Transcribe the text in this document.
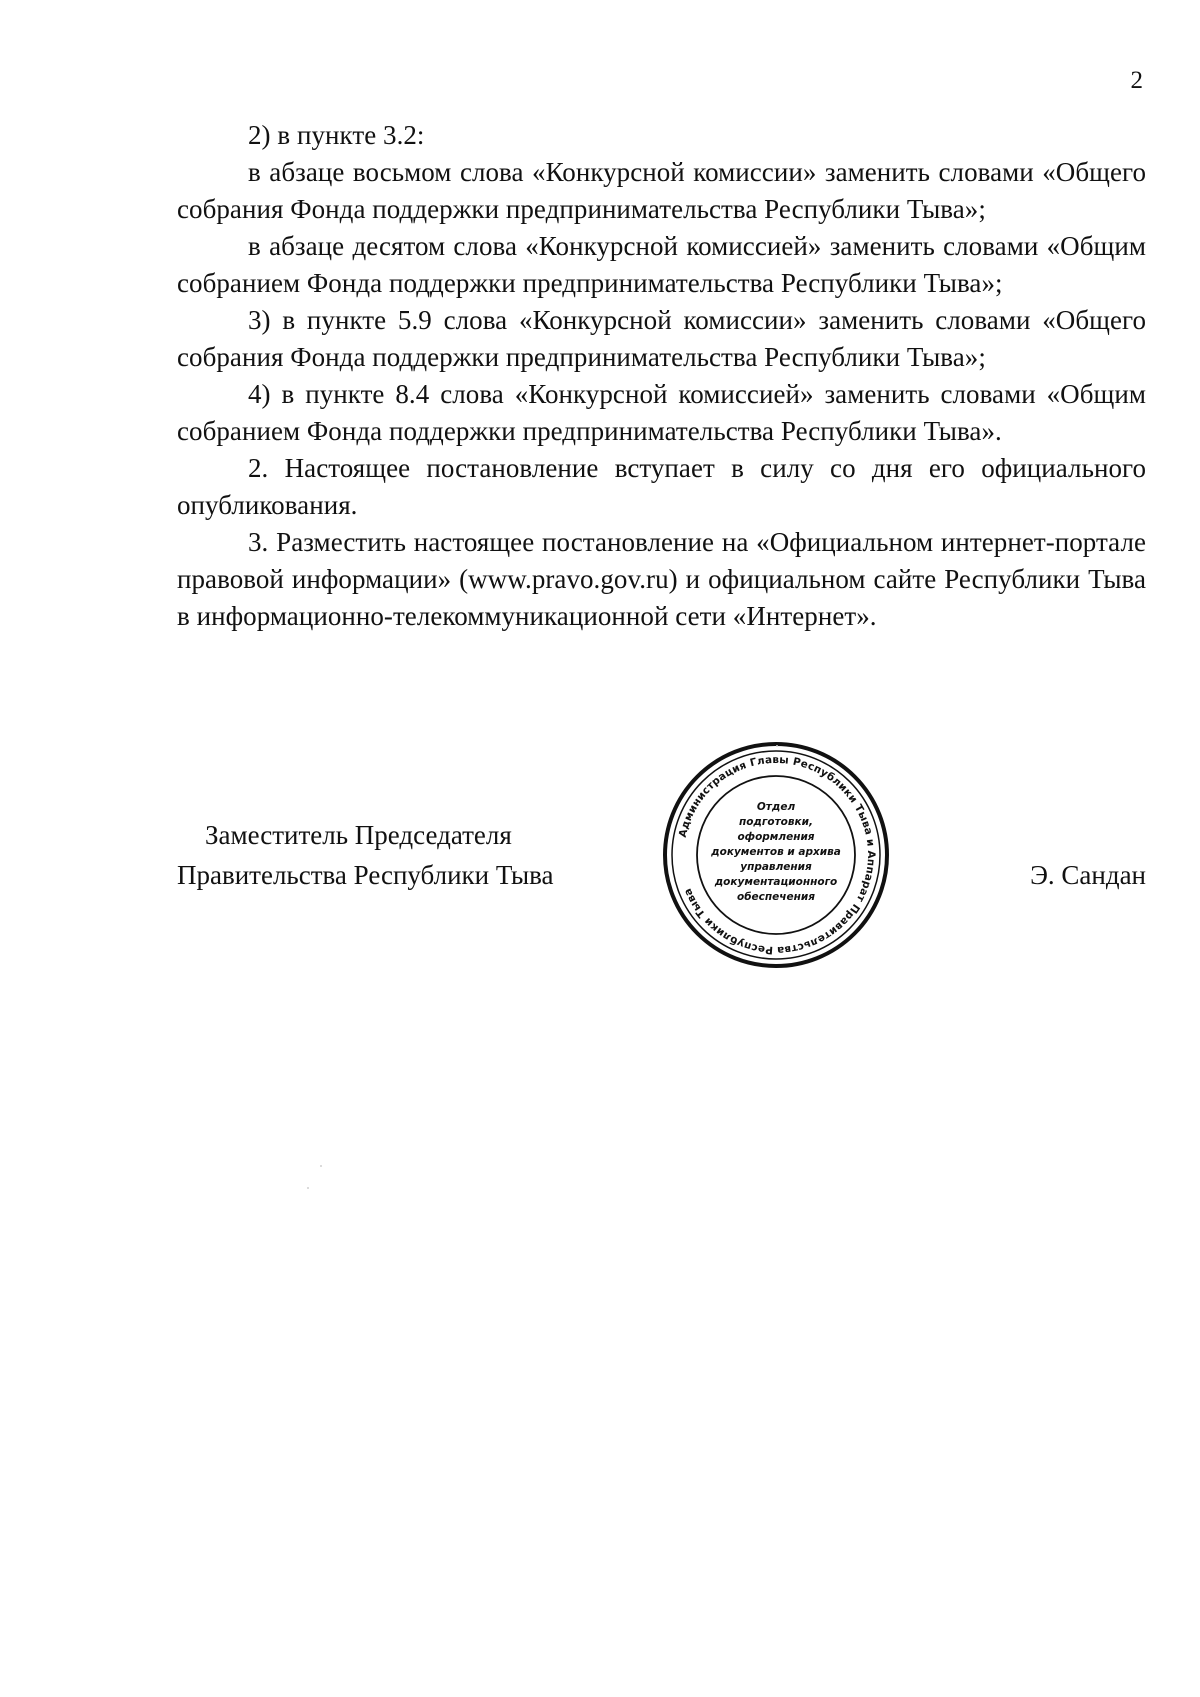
2

2) в пункте 3.2:

в абзаце восьмом слова «Конкурсной комиссии» заменить словами «Общего собрания Фонда поддержки предпринимательства Республики Тыва»;

в абзаце десятом слова «Конкурсной комиссией» заменить словами «Общим собранием Фонда поддержки предпринимательства Республики Тыва»;

3) в пункте 5.9 слова «Конкурсной комиссии» заменить словами «Общего собрания Фонда поддержки предпринимательства Республики Тыва»;

4) в пункте 8.4 слова «Конкурсной комиссией» заменить словами «Общим собранием Фонда поддержки предпринимательства Республики Тыва».

2. Настоящее постановление вступает в силу со дня его официального опубликования.

3. Разместить настоящее постановление на «Официальном интернет-портале правовой информации» (www.pravo.gov.ru) и официальном сайте Республики Тыва в информационно-телекоммуникационной сети «Интернет».

Заместитель Председателя
Правительства Республики Тыва	Э. Сандан
Администрация Главы Республики Тыва и Аппарат Правительства Республики Тыва
Отдел
подготовки,
оформления
документов и архива
управления
документационного
обеспечения
